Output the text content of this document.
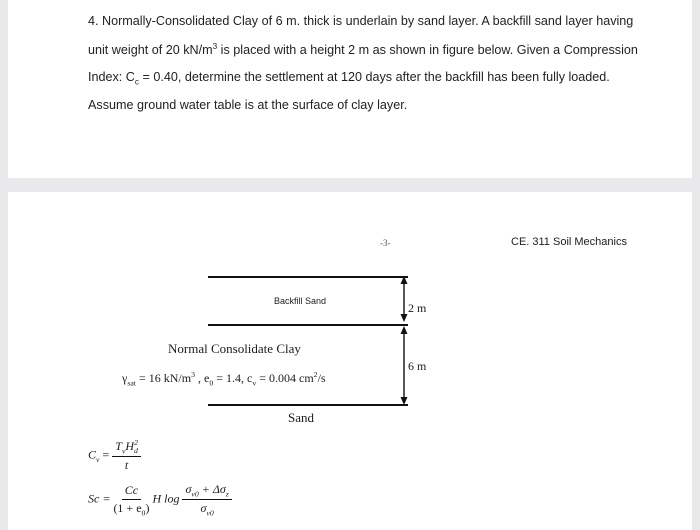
4. Normally-Consolidated Clay of 6 m. thick is underlain by sand layer. A backfill sand layer having
unit weight of 20 $kN/m^3$ is placed with a height 2 m as shown in figure below. Given a Compression
Index: $C_c = 0.40$, determine the settlement at 120 days after the backfill has been fully loaded.
Assume ground water table is at the surface of clay layer.
-3-	CE. 311 Soil Mechanics
2 m
6 m
Backfill Sand
Normal Consolidate Clay
$\gamma_{sat} = 16$ $kN/m^3$ , $e_0 = 1.4$, $c_v = 0.004$ $cm^2/s$
Sand
$C_v = \frac{T_vH^2_d}{t}$
$Sc = \frac{Cc}{(1 + e_0)}$ H $\log \frac{\sigma_{v0} + \Delta\sigma_z}{\sigma_{v0}}$
